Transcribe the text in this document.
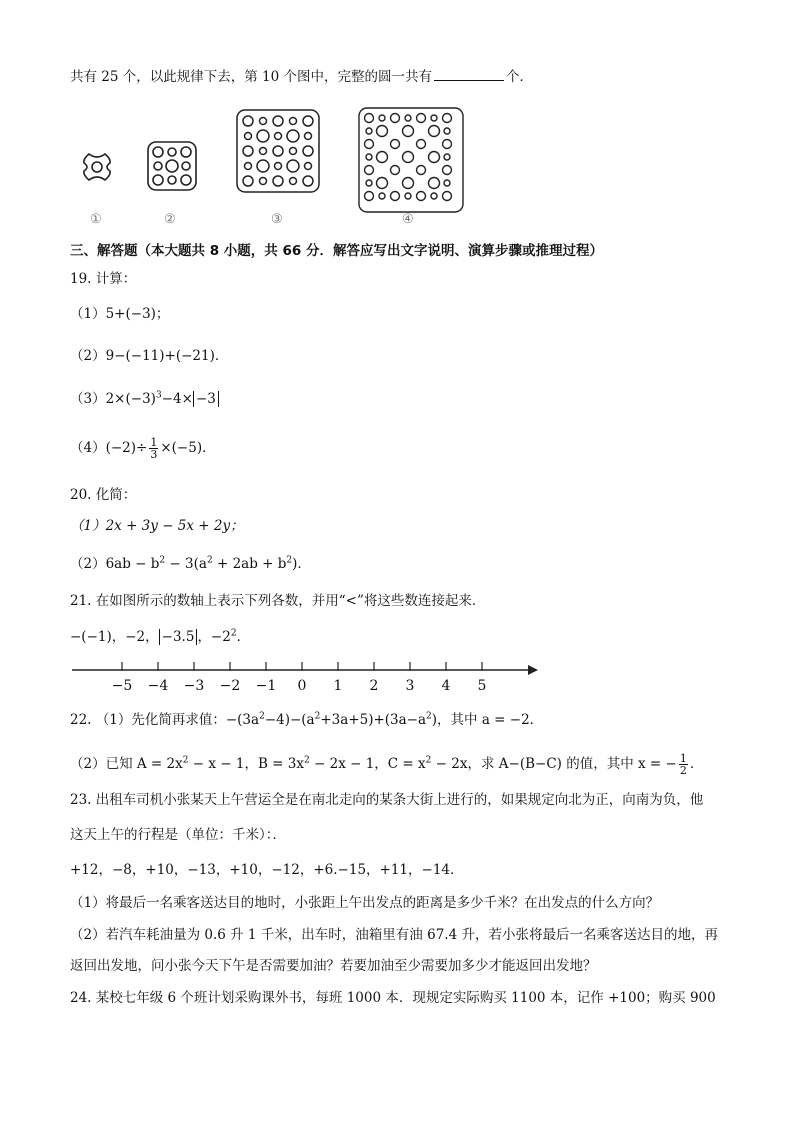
共有 25 个，以此规律下去，第 10 个图中，完整的圆一共有	个．
①	②	③	④
三、解答题（本大题共 8 小题，共 66 分．解答应写出文字说明、演算步骤或推理过程）
19. 计算：
（1）5+(−3)；
（2）9−(−11)+(−21)．
$(3)2\times(-3)^3-4\times -3$
$(4)(-2)\div \frac{1}{3} \times(-5)$．
20. 化简：
（1）2x + 3y − 5x + 2y；
$(2)6ab - b^2 - 3(a^2 + 2ab + b^2)$．
21. 在如图所示的数轴上表示下列各数，并用“<”将这些数连接起来．
−(−1)，−2， −3.5 ，$-2^2$．
−5 −4 −3 −2 −1 0 1 2 3 4 5
22. （1）先化简再求值：$-(3a^2-4)-(a^2+3a+5)+(3a-a^2)$，其中 a = −2．
（2）已知 $A = 2x^2 - x - 1$，$B = 3x^2 - 2x - 1$，$C = x^2 - 2x$，求 A−(B−C) 的值，其中 x = − $\frac{1}{2}$ ．
23. 出租车司机小张某天上午营运全是在南北走向的某条大街上进行的，如果规定向北为正，向南为负，他
这天上午的行程是（单位：千米）：．
+12，−8，+10，−13，+10，−12，+6.−15，+11，−14．
（1）将最后一名乘客送达目的地时，小张距上午出发点的距离是多少千米？在出发点的什么方向？
（2）若汽车耗油量为 0.6 升 1 千米，出车时，油箱里有油 67.4 升，若小张将最后一名乘客送达目的地，再
返回出发地，问小张今天下午是否需要加油？若要加油至少需要加多少才能返回出发地？
24. 某校七年级 6 个班计划采购课外书，每班 1000 本．现规定实际购买 1100 本，记作 +100；购买 900
